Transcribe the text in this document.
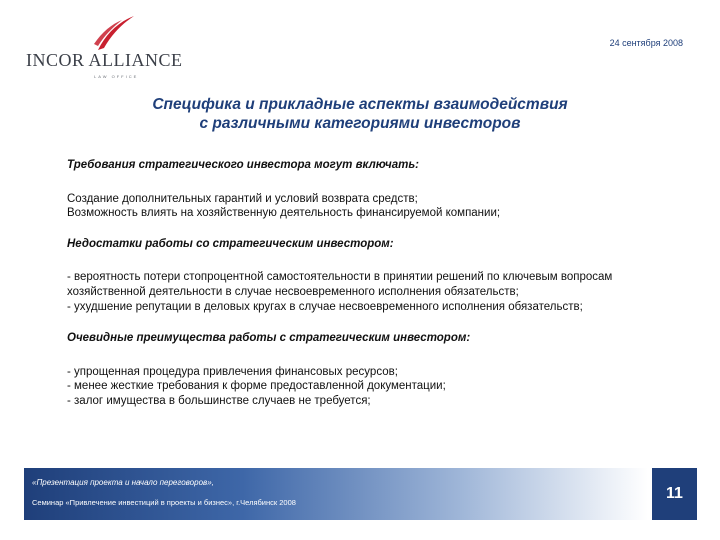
INCOR ALLIANCE
LAW OFFICE
24 сентября 2008
Специфика и прикладные аспекты взаимодействия
с различными категориями инвесторов

Требования стратегического инвестора могут включать:

Создание дополнительных гарантий и условий возврата средств;

Возможность влиять на хозяйственную деятельность финансируемой компании;

Недостатки работы со стратегическим инвестором:

- вероятность потери стопроцентной самостоятельности в принятии решений по ключевым вопросам хозяйственной деятельности в случае несвоевременного исполнения обязательств;

- ухудшение репутации в деловых кругах в случае несвоевременного исполнения обязательств;

Очевидные преимущества работы с стратегическим инвестором:

- упрощенная процедура привлечения финансовых ресурсов;

- менее жесткие требования к форме предоставленной документации;

- залог имущества в большинстве случаев не требуется;

«Презентация проекта и начало переговоров»,
Семинар «Привлечение инвестиций в проекты и бизнес», г.Челябинск 2008
11
